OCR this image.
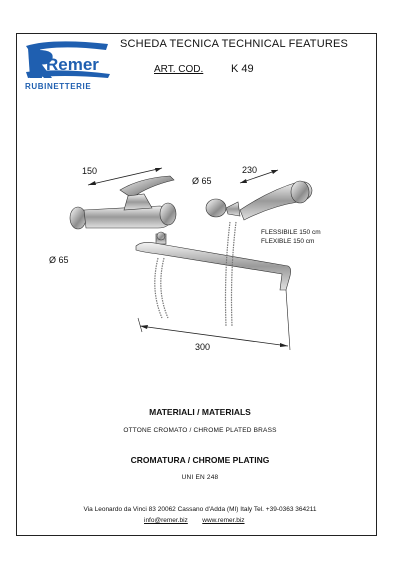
Remer
RUBINETTERIE
SCHEDA TECNICA TECHNICAL FEATURES
ART. COD.	K 49
150	230
Ø 65
Ø 65
300
FLESSIBILE 150 cm
FLEXIBLE 150 cm
MATERIALI / MATERIALS
OTTONE CROMATO / CHROME PLATED BRASS
CROMATURA / CHROME PLATING
UNI EN 248
Via Leonardo da Vinci 83 20062 Cassano d'Adda (MI) Italy Tel. +39-0363 364211
info@remer.biz www.remer.biz
